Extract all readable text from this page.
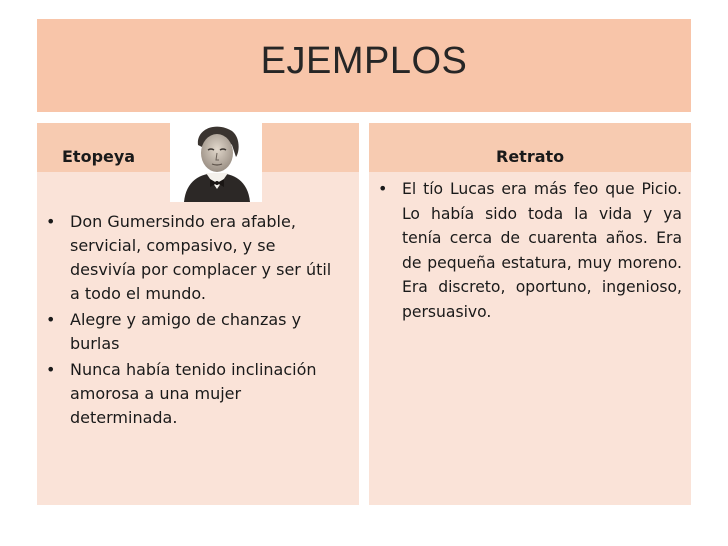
EJEMPLOS
Etopeya
• Don Gumersindo era afable, servicial, compasivo, y se desvivía por complacer y ser útil a todo el mundo.
• Alegre y amigo de chanzas y burlas
• Nunca había tenido inclinación amorosa a una mujer determinada.
Retrato
• El tío Lucas era más feo que Picio. Lo había sido toda la vida y ya tenía cerca de cuarenta años. Era de pequeña estatura, muy moreno. Era discreto, oportuno, ingenioso, persuasivo.
